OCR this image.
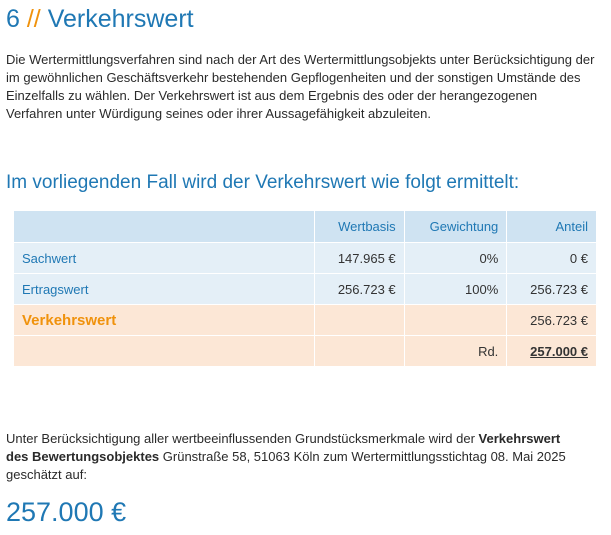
6 // Verkehrswert

Die Wertermittlungsverfahren sind nach der Art des Wertermittlungsobjekts unter Berücksichtigung der im gewöhnlichen Geschäftsverkehr bestehenden Gepflogenheiten und der sonstigen Umstände des Einzelfalls zu wählen. Der Verkehrswert ist aus dem Ergebnis des oder der herangezogenen Verfahren unter Würdigung seines oder ihrer Aussagefähigkeit abzuleiten.

Im vorliegenden Fall wird der Verkehrswert wie folgt ermittelt:
	Wertbasis	Gewichtung	Anteil
Sachwert	147.965 €	0%	0 €
Ertragswert	256.723 €	100%	256.723 €
Verkehrswert			256.723 €
		Rd.	257.000 €

Unter Berücksichtigung aller wertbeeinflussenden Grundstücksmerkmale wird der Verkehrswert des Bewertungsobjektes Grünstraße 58, 51063 Köln zum Wertermittlungsstichtag 08. Mai 2025 geschätzt auf:

257.000 €
